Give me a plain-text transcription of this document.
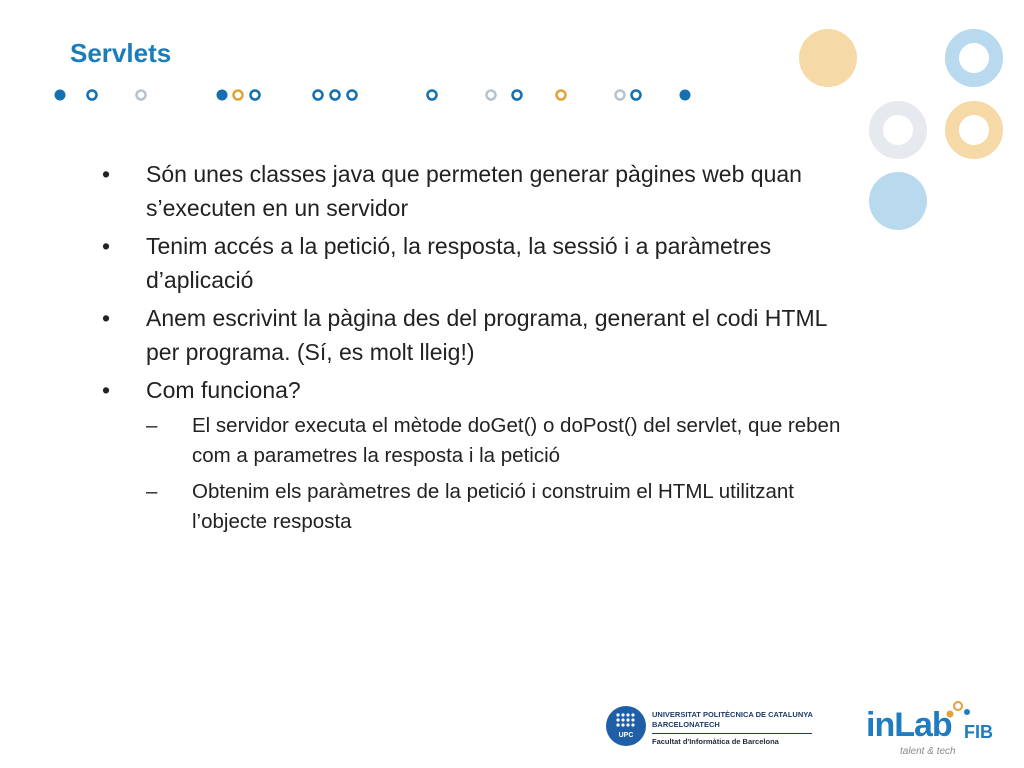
Servlets
• Són unes classes java que permeten generar pàgines web quan s’executen en un servidor
• Tenim accés a la petició, la resposta, la sessió i a paràmetres d’aplicació
• Anem escrivint la pàgina des del programa, generant el codi HTML per programa. (Sí, es molt lleig!)
• Com funciona?
– El servidor executa el mètode doGet() o doPost() del servlet, que reben com a parametres la resposta i la petició
– Obtenim els paràmetres de la petició i construim el HTML utilitzant l’objecte resposta
UPC
UNIVERSITAT POLITÈCNICA DE CATALUNYA
BARCELONATECH
Facultat d'Informàtica de Barcelona	inLab FIB
talent & tech
